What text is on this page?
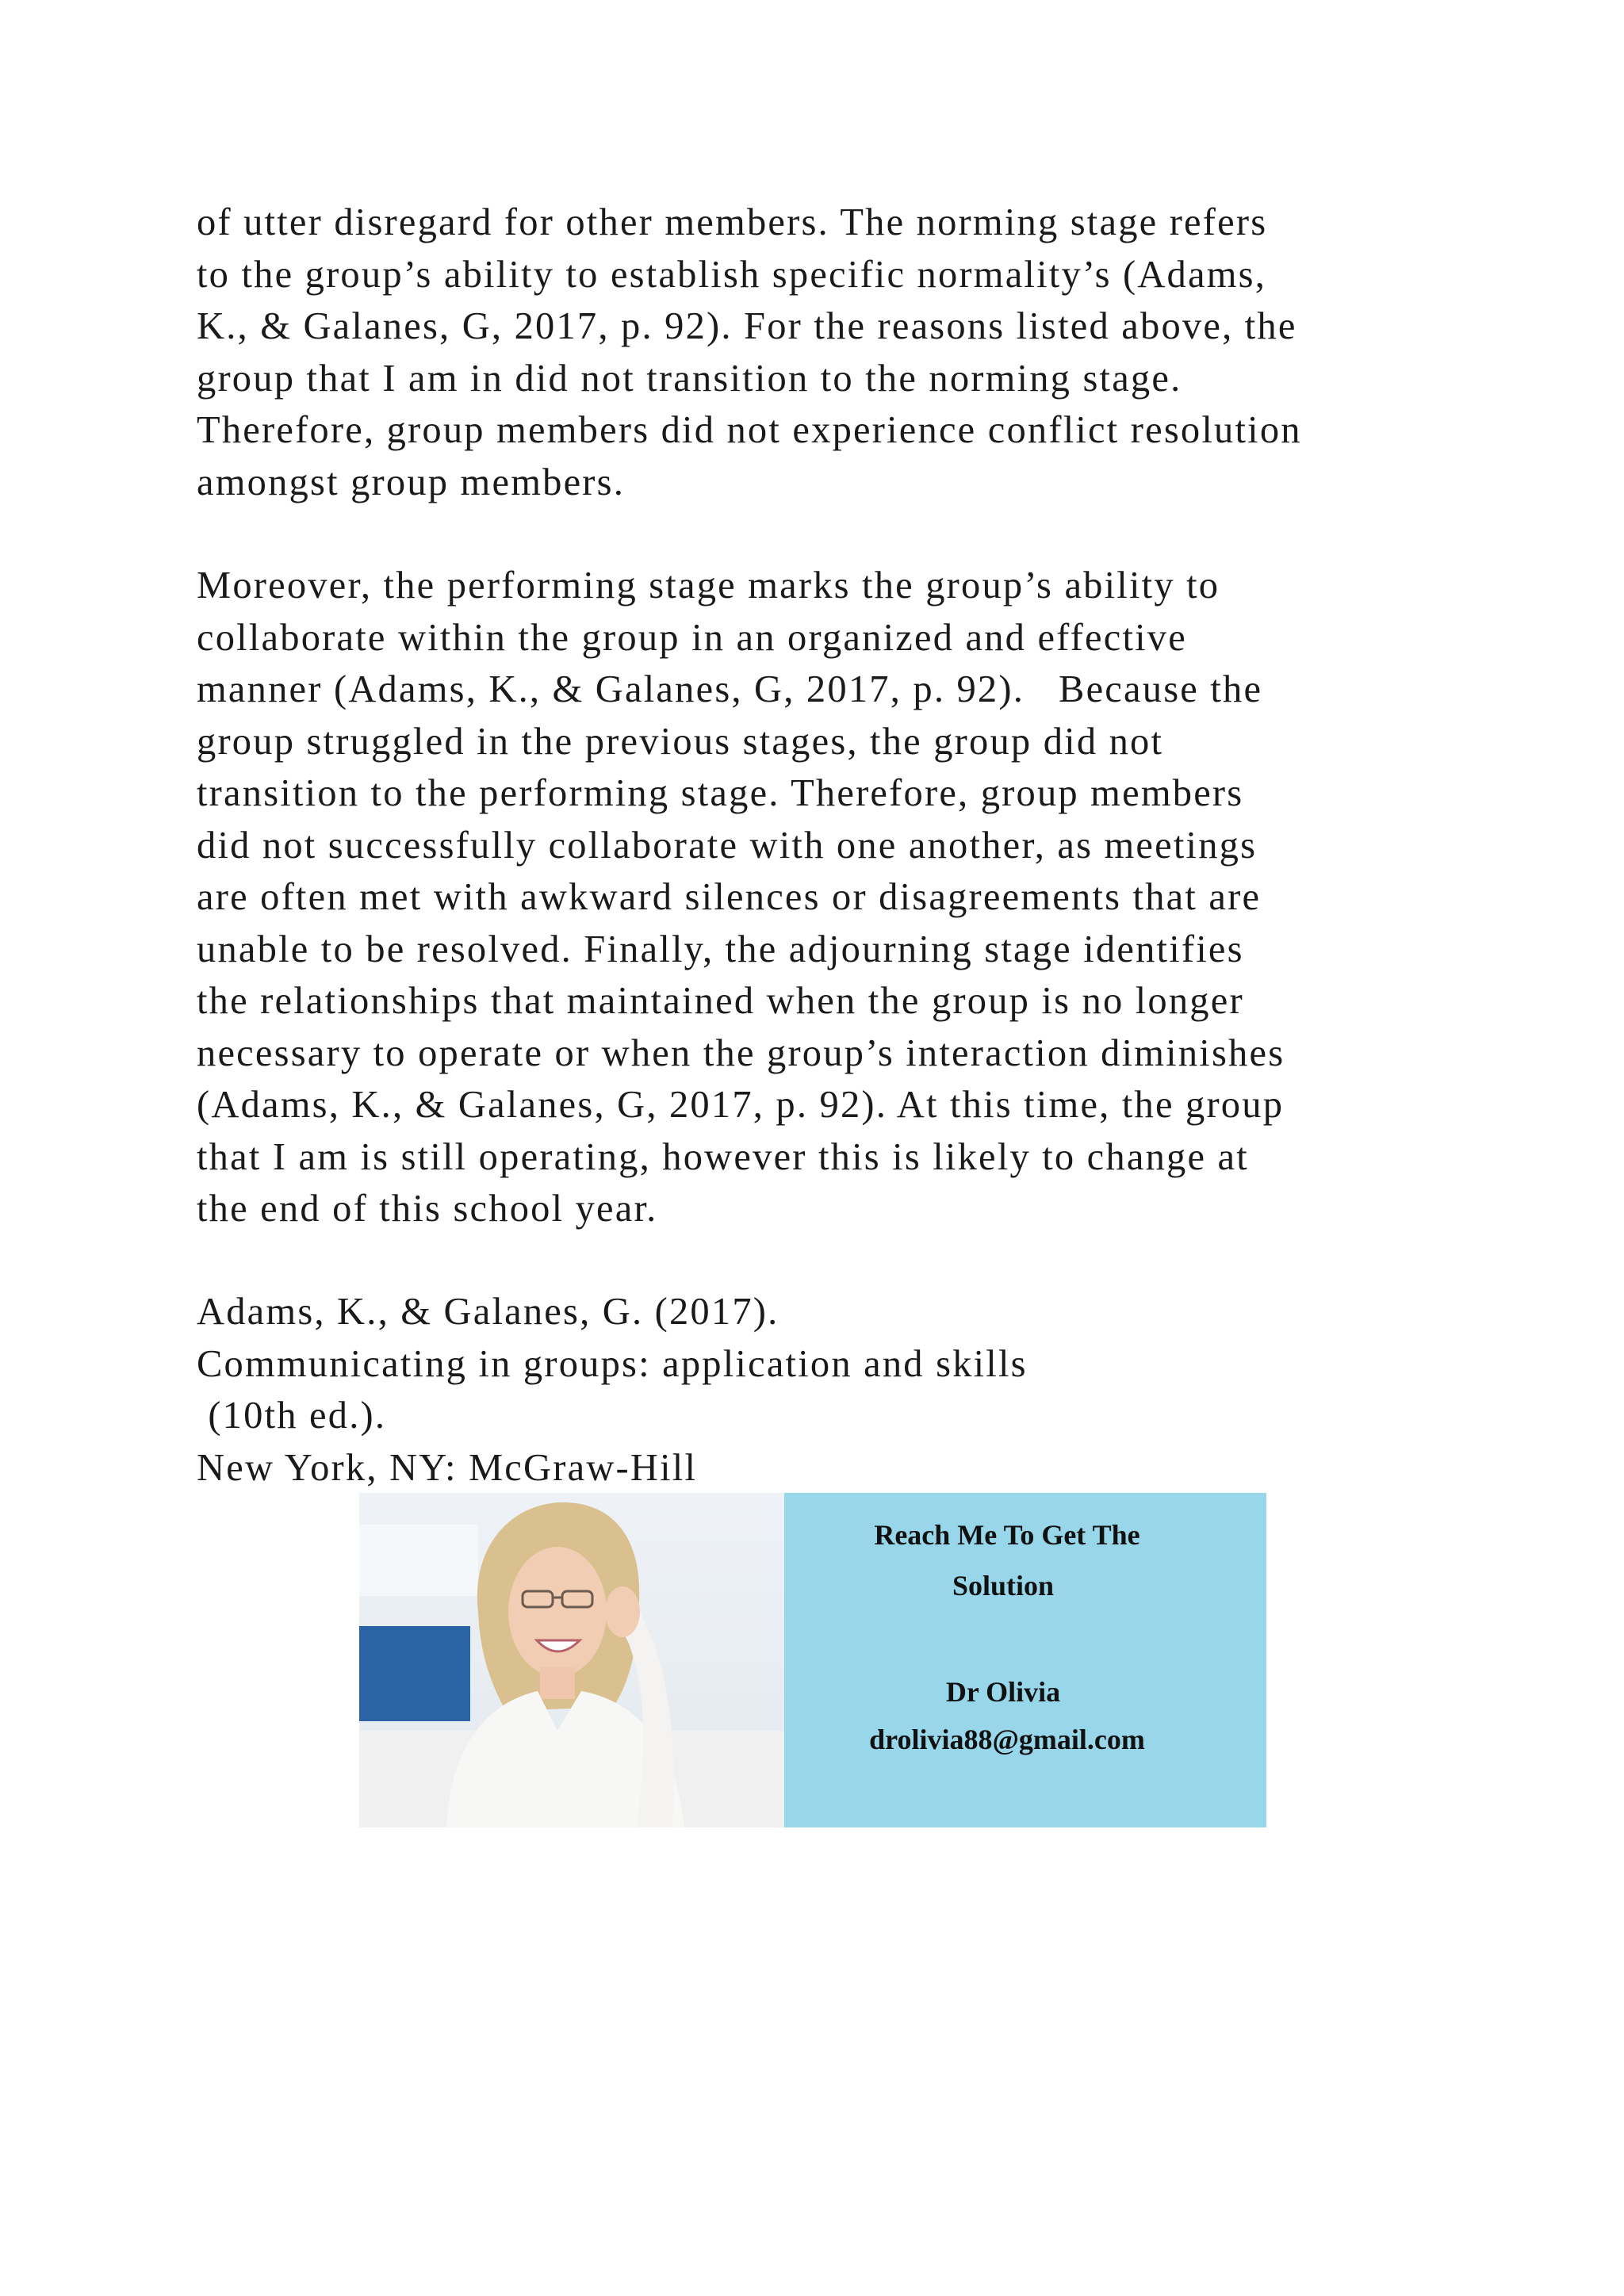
of utter disregard for other members. The norming stage refers
to the group’s ability to establish specific normality’s (Adams,
K., & Galanes, G, 2017, p. 92). For the reasons listed above, the
group that I am in did not transition to the norming stage.
Therefore, group members did not experience conflict resolution
amongst group members.
Moreover, the performing stage marks the group’s ability to
collaborate within the group in an organized and effective
manner (Adams, K., & Galanes, G, 2017, p. 92).   Because the
group struggled in the previous stages, the group did not
transition to the performing stage. Therefore, group members
did not successfully collaborate with one another, as meetings
are often met with awkward silences or disagreements that are
unable to be resolved. Finally, the adjourning stage identifies
the relationships that maintained when the group is no longer
necessary to operate or when the group’s interaction diminishes
(Adams, K., & Galanes, G, 2017, p. 92). At this time, the group
that I am is still operating, however this is likely to change at
the end of this school year.
Adams, K., & Galanes, G. (2017).
Communicating in groups: application and skills
(10th ed.).
New York, NY: McGraw-Hill
Reach Me To Get The
Solution
Dr Olivia
drolivia88@gmail.com
